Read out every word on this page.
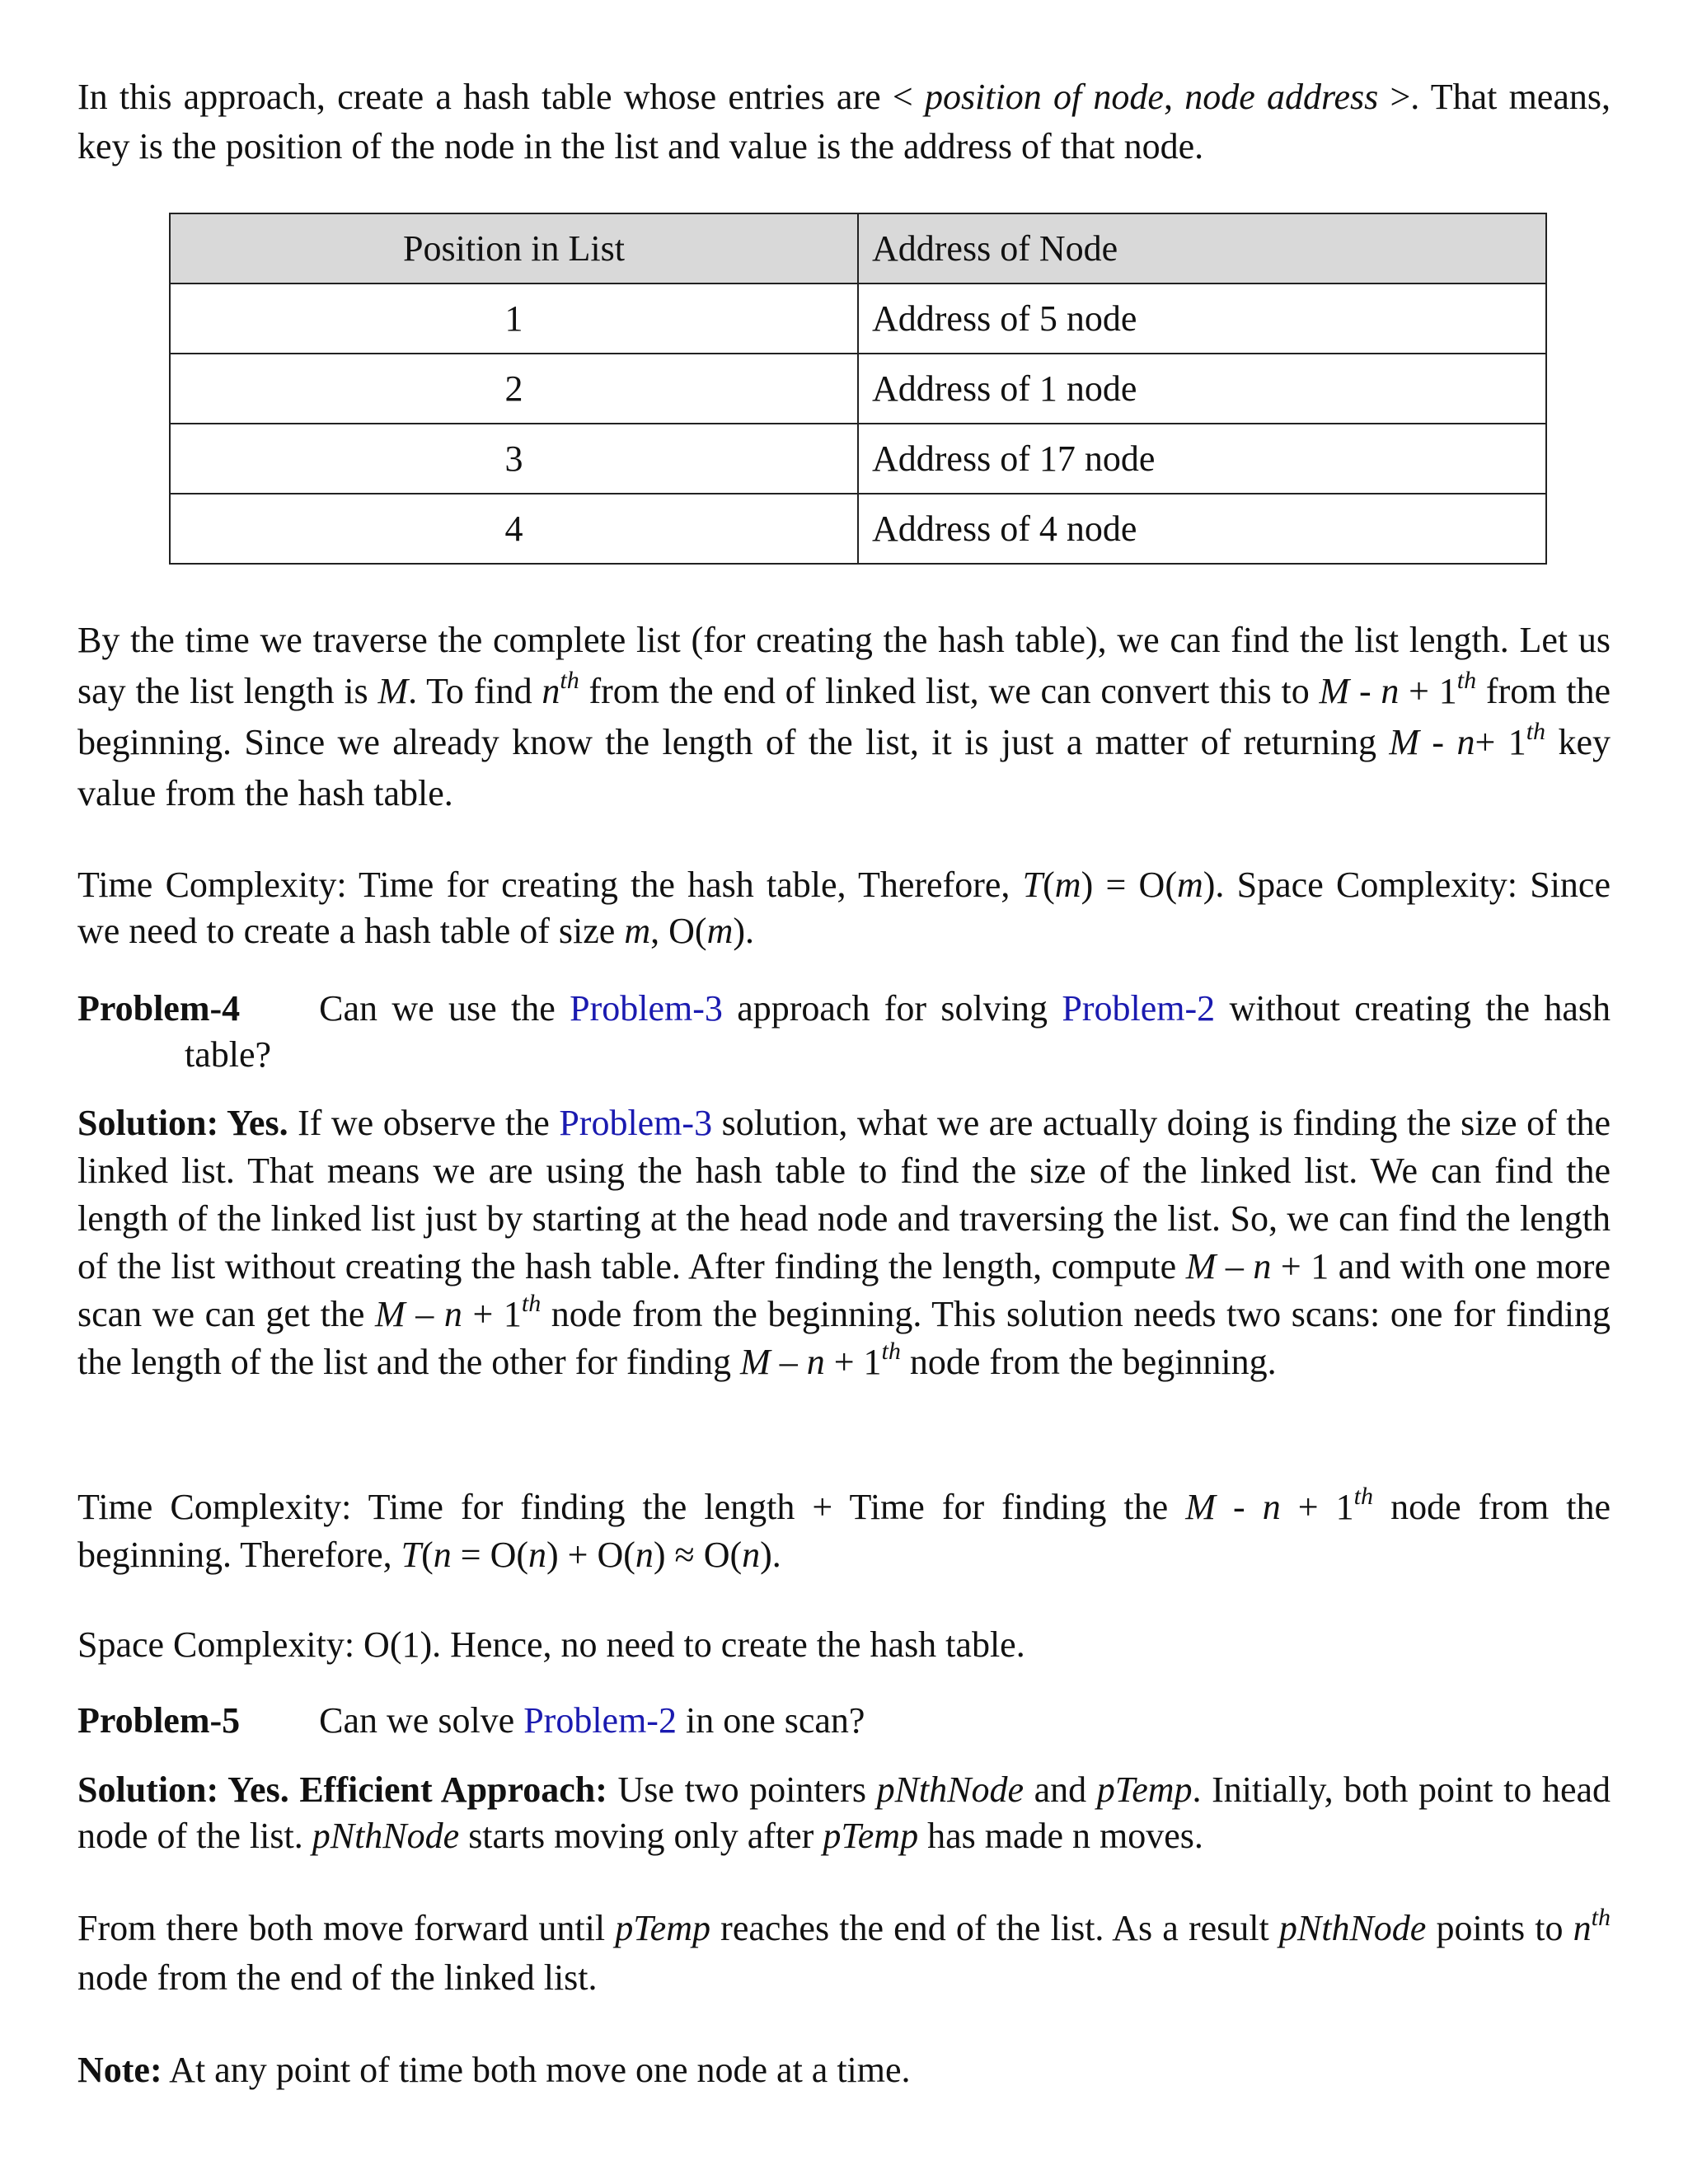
In this approach, create a hash table whose entries are < position of node, node address >. That means, key is the position of the node in the list and value is the address of that node.

Position in List	Address of Node
1	Address of 5 node
2	Address of 1 node
3	Address of 17 node
4	Address of 4 node

By the time we traverse the complete list (for creating the hash table), we can find the list length. Let us say the list length is M. To find $n^{th}$ from the end of linked list, we can convert this to M - n + 1th from the beginning. Since we already know the length of the list, it is just a matter of returning M - n+ 1th key value from the hash table.

Time Complexity: Time for creating the hash table, Therefore, T(m) = O(m). Space Complexity: Since we need to create a hash table of size m, O(m).

Problem-4 Can we use the Problem-3 approach for solving Problem-2 without creating the hash table?

Solution: Yes. If we observe the Problem-3 solution, what we are actually doing is finding the size of the linked list. That means we are using the hash table to find the size of the linked list. We can find the length of the linked list just by starting at the head node and traversing the list. So, we can find the length of the list without creating the hash table. After finding the length, compute M – n + 1 and with one more scan we can get the M – n + 1th node from the beginning. This solution needs two scans: one for finding the length of the list and the other for finding M – n + 1th node from the beginning.

Time Complexity: Time for finding the length + Time for finding the M - n + 1th node from the beginning. Therefore, T(n = O(n) + O(n) ≈ O(n).

Space Complexity: O(1). Hence, no need to create the hash table.

Problem-5 Can we solve Problem-2 in one scan?

Solution: Yes. Efficient Approach: Use two pointers pNthNode and pTemp. Initially, both point to head node of the list. pNthNode starts moving only after pTemp has made n moves.

From there both move forward until pTemp reaches the end of the list. As a result pNthNode points to $n^{th}$ node from the end of the linked list.

Note: At any point of time both move one node at a time.
